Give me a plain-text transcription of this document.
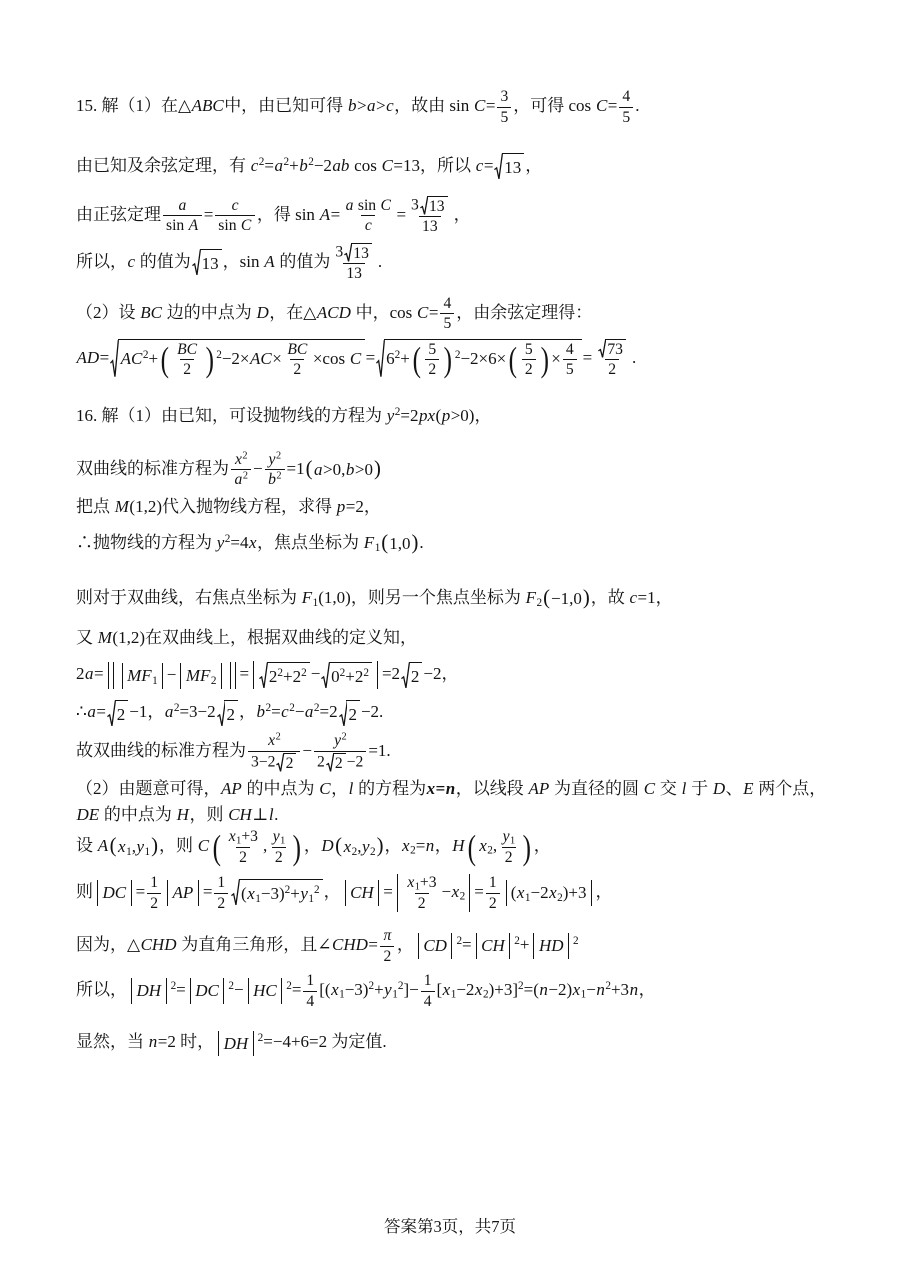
15. 解（1）在△ABC中，由已知可得 b>a>c，故由 $\sin C= \frac{3}{5}$ ，可得 $\cos C= \frac{4}{5}$ .
由已知及余弦定理，有 $c^2=a^2+b^2-2ab$ cos C=13，所以 c= 13 ，
由正弦定理 $\frac{a}{\text{sin A}} = \frac{c}{\text{sin C}}$ ，得 $\sin A= \frac{\text{a sin C}}{c} = \frac{3 13}{13}$ ，
所以，c 的值为 13 ，sin A 的值为 $\frac{3 13}{13}$ .
（2）设 BC 边的中点为 D，在△ACD 中，$\cos C= \frac{4}{5}$ ，由余弦定理得：
$AD= AC^2+$ ( $\frac{BC}{2}$ ) $^2-2\times AC\times \frac{BC}{2} \times\cos$ $C = 6^2+$ ( $\frac{5}{2}$ ) $^2$−2×6× ( $\frac{5}{2}$ ) × $\frac{4}{5} = \frac{73}{2}$ .
16. 解（1）由已知，可设抛物线的方程为 $y^2=2px(p>0)$，
双曲线的标准方程为 $\frac{x^2}{a^2} - \frac{y^2}{b^2} =1$ ( a>0,b>0 )
把点 M(1,2)代入抛物线方程，求得 p=2，
∴抛物线的方程为 $y^2=4x$，焦点坐标为 $F_1$ ( 1,0 ) .
则对于双曲线，右焦点坐标为 $F_1(1,0)$，则另一个焦点坐标为 $F_2$ ( −1,0 ) ，故 c=1，
又 M(1,2)在双曲线上，根据双曲线的定义知，
$2a= MF_1 - MF_2 = 2^2+2^2 - 0^2+2^2 =2$ 2 −2，
∴a= 2 −1，$a^2=3-2$ 2 ，$b^2=c^2-a^2=2$ 2 −2.
故双曲线的标准方程为 $\frac{x^2}{3-2 2} - \frac{y^2}{2 2 -2} =1$.
（2）由题意可得，AP 的中点为 C，l 的方程为x=n，以线段 AP 为直径的圆 C 交 l 于 D、E 两个点，DE 的中点为 H，则 CH⊥l.
设 A ( $x_1,y_1$ ) ，则 C ( $\frac{x_1+3}{2}$ , $\frac{y_1}{2}$ ) ，D ( $x_2,y_2$ ) ，$x_2=n$，H ( $x_2$, $\frac{y_1}{2}$ ) ，
则 DC = $\frac{1}{2}$ AP = $\frac{1}{2} (x_1-3)^2+y_1^2$ ， CH = $\frac{x_1+3}{2} -x_2 = \frac{1}{2} (x_1-2x_2)+3$ ，
因为，△CHD 为直角三角形，且∠CHD= $\frac{\pi}{2}$ ， CD $^2$= CH $^2$+ HD $^2$
所以， DH $^2$= DC $^2$− HC $^2= \frac{1}{4} [(x_1-3)^2+y_1^2]- \frac{1}{4} [x_1-2x_2)+3]^2=(n-2)x_1-n^2+3n$，
显然，当 n=2 时， DH $^2$=−4+6=2 为定值.
答案第3页，共7页
